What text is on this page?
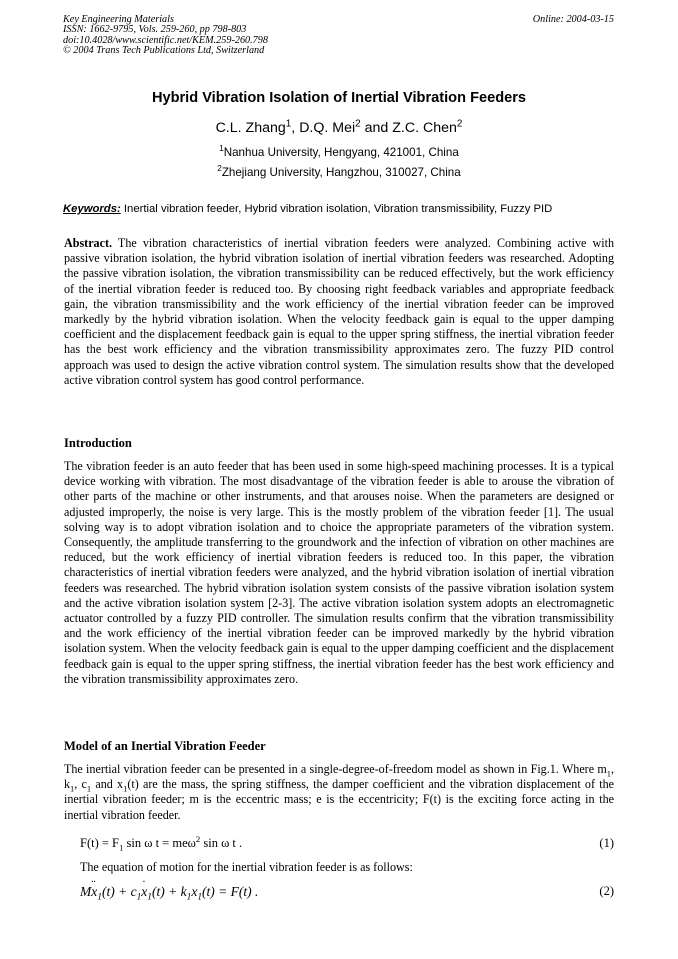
Key Engineering Materials
ISSN: 1662-9795, Vols. 259-260, pp 798-803
doi:10.4028/www.scientific.net/KEM.259-260.798
© 2004 Trans Tech Publications Ltd, Switzerland
Online: 2004-03-15
Hybrid Vibration Isolation of Inertial Vibration Feeders
C.L. Zhang$^1$, D.Q. Mei$^2$ and Z.C. Chen$^2$
$^1$Nanhua University, Hengyang, 421001, China
$^2$Zhejiang University, Hangzhou, 310027, China
Keywords: Inertial vibration feeder, Hybrid vibration isolation, Vibration transmissibility, Fuzzy PID
Abstract. The vibration characteristics of inertial vibration feeders were analyzed. Combining active with passive vibration isolation, the hybrid vibration isolation of inertial vibration feeders was researched. Adopting the passive vibration isolation, the vibration transmissibility can be reduced effectively, but the work efficiency of the inertial vibration feeder is reduced too. By choosing right feedback variables and appropriate feedback gain, the vibration transmissibility and the work efficiency of the inertial vibration feeder can be improved markedly by the hybrid vibration isolation. When the velocity feedback gain is equal to the upper damping coefficient and the displacement feedback gain is equal to the upper spring stiffness, the inertial vibration feeder has the best work efficiency and the vibration transmissibility approximates zero. The fuzzy PID control approach was used to design the active vibration control system. The simulation results show that the developed active vibration control system has good control performance.
Introduction
The vibration feeder is an auto feeder that has been used in some high-speed machining processes. It is a typical device working with vibration. The most disadvantage of the vibration feeder is able to arouse the vibration of other parts of the machine or other instruments, and that arouses noise. When the parameters are designed or adjusted improperly, the noise is very large. This is the mostly problem of the vibration feeder [1]. The usual solving way is to adopt vibration isolation and to choice the appropriate parameters of the vibration system. Consequently, the amplitude transferring to the groundwork and the infection of vibration on other machines are reduced, but the work efficiency of inertial vibration feeders is reduced too. In this paper, the vibration characteristics of inertial vibration feeders were analyzed, and the hybrid vibration isolation of inertial vibration feeders was researched. The hybrid vibration isolation system consists of the passive vibration isolation system and the active vibration isolation system [2-3]. The active vibration isolation system adopts an electromagnetic actuator controlled by a fuzzy PID controller. The simulation results confirm that the vibration transmissibility and the work efficiency of the inertial vibration feeder can be improved markedly by the hybrid vibration isolation system. When the velocity feedback gain is equal to the upper damping coefficient and the displacement feedback gain is equal to the upper spring stiffness, the inertial vibration feeder has the best work efficiency and the vibration transmissibility approximates zero.
Model of an Inertial Vibration Feeder
The inertial vibration feeder can be presented in a single-degree-of-freedom model as shown in Fig.1. Where $m_1$, $k_1$, $c_1$ and $x_1(t)$ are the mass, the spring stiffness, the damper coefficient and the vibration displacement of the inertial vibration feeder; m is the eccentric mass; e is the eccentricity; F(t) is the exciting force acting in the inertial vibration feeder.
$F(t) = F_1$ sin ω t = meω$^2$ sin ω t .	(1)
The equation of motion for the inertial vibration feeder is as follows:
Mx $¨_1(t) + c_1x$ $˙_1(t) + k_1x_1(t) = F(t)$ .	(2)
